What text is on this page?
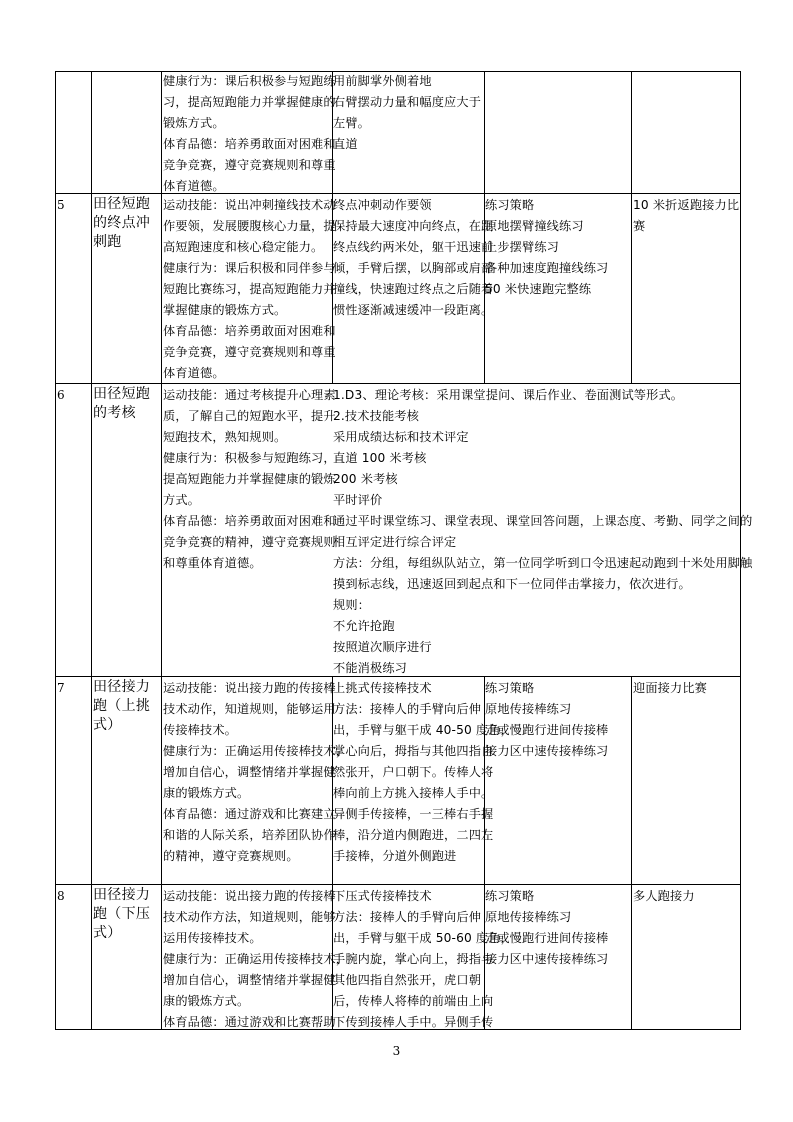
健康行为：课后积极参与短跑练
习，提高短跑能力并掌握健康的
锻炼方式。
体育品德：培养勇敢面对困难和
竞争竞赛，遵守竞赛规则和尊重
体育道德。
用前脚掌外侧着地
右臂摆动力量和幅度应大于
左臂。
直道
5 田径短跑
的终点冲
刺跑
运动技能：说出冲刺撞线技术动
作要领，发展腰腹核心力量，提
高短跑速度和核心稳定能力。
健康行为：课后积极和同伴参与
短跑比赛练习，提高短跑能力并
掌握健康的锻炼方式。
体育品德：培养勇敢面对困难和
竞争竞赛，遵守竞赛规则和尊重
体育道德。
终点冲刺动作要领
保持最大速度冲向终点，在距
终点线约两米处，躯干迅速前
倾，手臂后摆，以胸部或肩部
撞线，快速跑过终点之后随着
惯性逐渐减速缓冲一段距离。
练习策略
原地摆臂撞线练习
上步摆臂练习
各种加速度跑撞线练习
50 米快速跑完整练
10 米折返跑接力比
赛
6 田径短跑
的考核
运动技能：通过考核提升心理素
质，了解自己的短跑水平，提升
短跑技术，熟知规则。
健康行为：积极参与短跑练习，
提高短跑能力并掌握健康的锻炼
方式。
体育品德：培养勇敢面对困难和
竞争竞赛的精神，遵守竞赛规则
和尊重体育道德。
1.D3、理论考核：采用课堂提问、课后作业、卷面测试等形式。
2.技术技能考核
采用成绩达标和技术评定
直道 100 米考核
200 米考核
平时评价
通过平时课堂练习、课堂表现、课堂回答问题，上课态度、考勤、同学之间的
相互评定进行综合评定
方法：分组，每组纵队站立，第一位同学听到口令迅速起动跑到十米处用脚触
摸到标志线，迅速返回到起点和下一位同伴击掌接力，依次进行。
规则：
不允许抢跑
按照道次顺序进行
不能消极练习
7 田径接力
跑（上挑
式）
运动技能：说出接力跑的传接棒
技术动作，知道规则，能够运用
传接棒技术。
健康行为：正确运用传接棒技术，
增加自信心，调整情绪并掌握健
康的锻炼方式。
体育品德：通过游戏和比赛建立
和谐的人际关系，培养团队协作
的精神，遵守竞赛规则。
上挑式传接棒技术
方法：接棒人的手臂向后伸
出，手臂与躯干成 40-50 度角，
掌心向后，拇指与其他四指自
然张开，户口朝下。传棒人将
棒向前上方挑入接棒人手中。
异侧手传接棒，一三棒右手握
棒，沿分道内侧跑进，二四左
手接棒，分道外侧跑进
练习策略
原地传接棒练习
走或慢跑行进间传接棒
接力区中速传接棒练习
迎面接力比赛
8 田径接力
跑（下压
式）
运动技能：说出接力跑的传接棒
技术动作方法，知道规则，能够
运用传接棒技术。
健康行为：正确运用传接棒技术，
增加自信心，调整情绪并掌握健
康的锻炼方式。
体育品德：通过游戏和比赛帮助
下压式传接棒技术
方法：接棒人的手臂向后伸
出，手臂与躯干成 50-60 度角，
手腕内旋，掌心向上，拇指与
其他四指自然张开，虎口朝
后，传棒人将棒的前端由上向
下传到接棒人手中。异侧手传
练习策略
原地传接棒练习
走或慢跑行进间传接棒
接力区中速传接棒练习
多人跑接力
3
